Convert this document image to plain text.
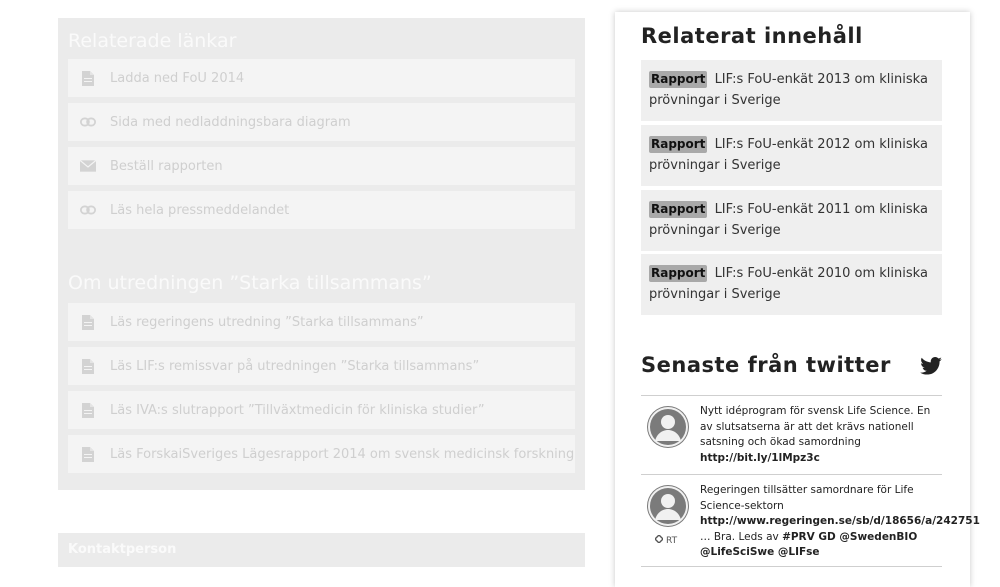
Relaterade länkar
Ladda ned FoU 2014
Sida med nedladdningsbara diagram
Beställ rapporten
Läs hela pressmeddelandet
Om utredningen ”Starka tillsammans”
Läs regeringens utredning ”Starka tillsammans”
Läs LIF:s remissvar på utredningen ”Starka tillsammans”
Läs IVA:s slutrapport ”Tillväxtmedicin för kliniska studier”
Läs ForskaiSveriges Lägesrapport 2014 om svensk medicinsk forskning
Kontaktperson
Relaterat innehåll
Rapport LIF:s FoU-enkät 2013 om kliniska prövningar i Sverige
Rapport LIF:s FoU-enkät 2012 om kliniska prövningar i Sverige
Rapport LIF:s FoU-enkät 2011 om kliniska prövningar i Sverige
Rapport LIF:s FoU-enkät 2010 om kliniska prövningar i Sverige
Senaste från twitter
Nytt idéprogram för svensk Life Science. En av slutsatserna är att det krävs nationell satsning och ökad samordning http://bit.ly/1lMpz3c
RT
Regeringen tillsätter samordnare för Life Science-sektorn http://www.regeringen.se/sb/d/18656/a/242751 … Bra. Leds av #PRV GD @SwedenBIO @LifeSciSwe @LIFse
